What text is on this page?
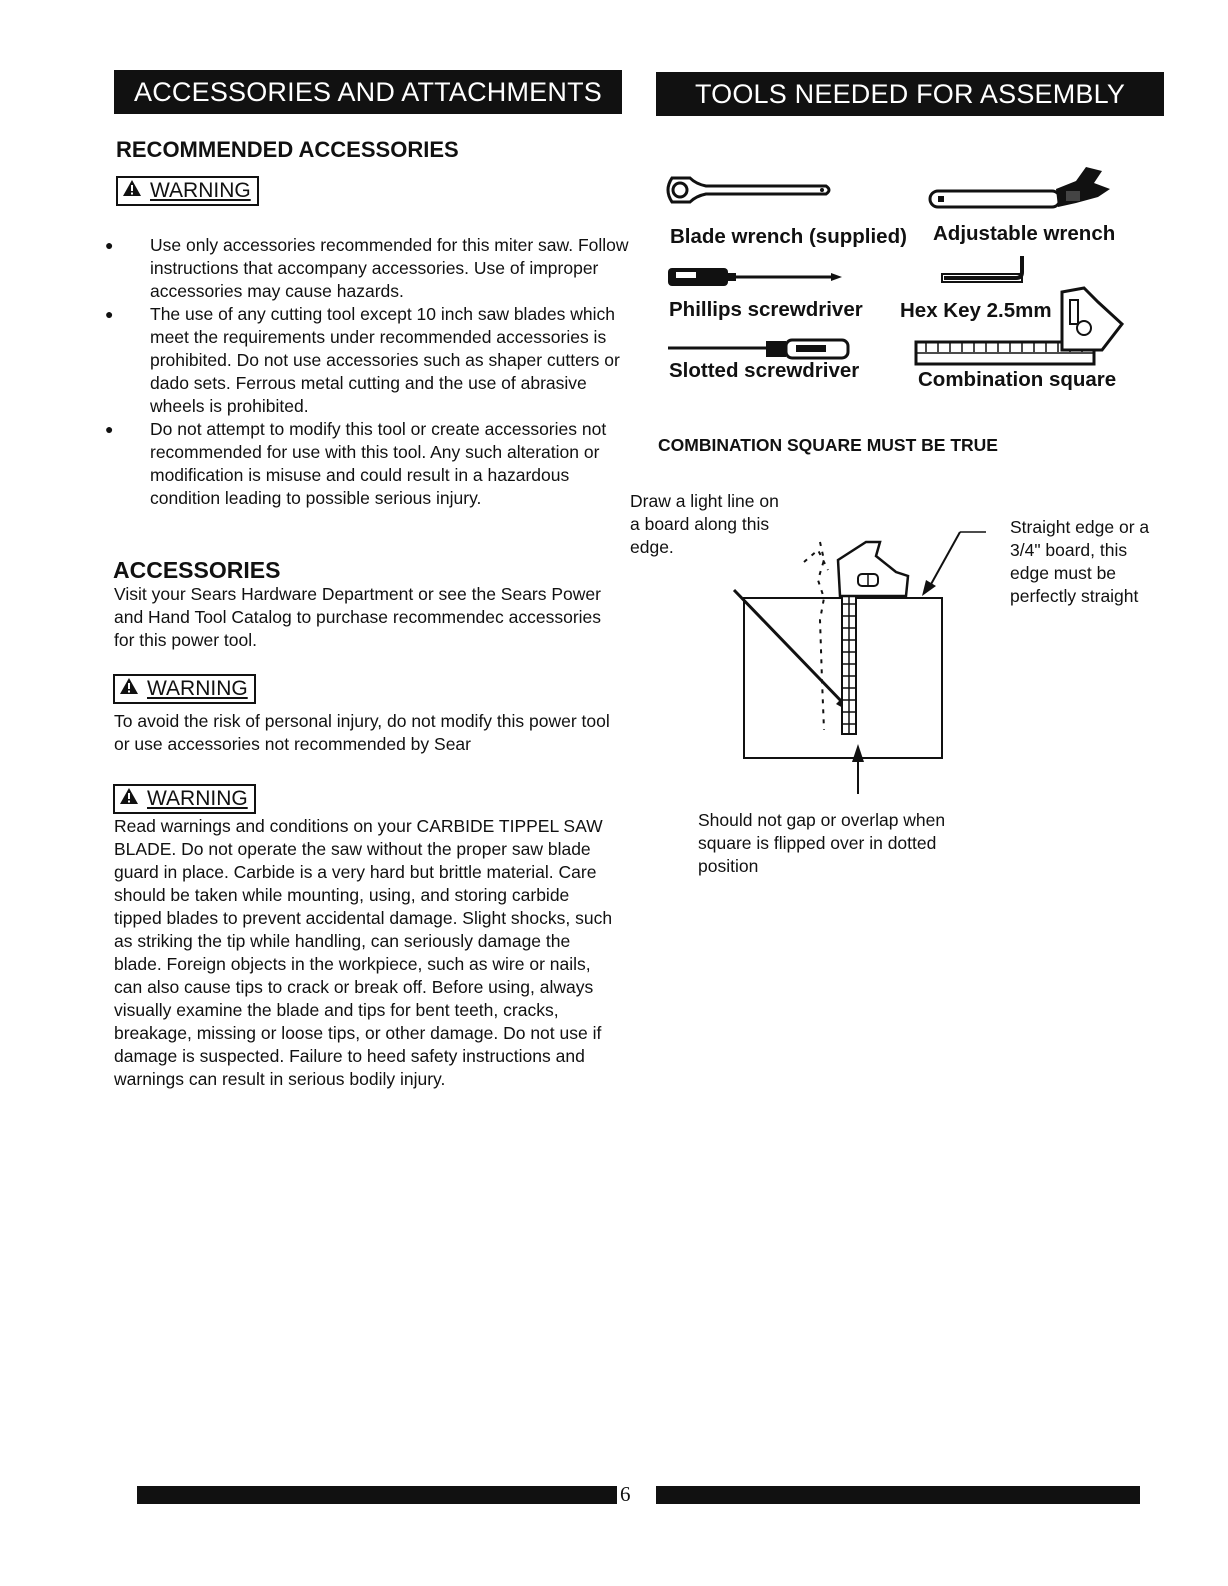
ACCESSORIES AND ATTACHMENTS	TOOLS NEEDED FOR ASSEMBLY
RECOMMENDED ACCESSORIES
WARNING
● Use only accessories recommended for this miter saw. Follow instructions that accompany accessories. Use of improper accessories may cause hazards.
● The use of any cutting tool except 10 inch saw blades which meet the requirements under recommended accessories is prohibited. Do not use accessories such as shaper cutters or dado sets. Ferrous metal cutting and the use of abrasive wheels is prohibited.
● Do not attempt to modify this tool or create accessories not recommended for use with this tool. Any such alteration or modification is misuse and could result in a hazardous condition leading to possible serious injury.
ACCESSORIES
Visit your Sears Hardware Department or see the Sears Power and Hand Tool Catalog to purchase recommendec accessories for this power tool.
WARNING
To avoid the risk of personal injury, do not modify this power tool or use accessories not recommended by Sear
WARNING
Read warnings and conditions on your CARBIDE TIPPEL SAW BLADE. Do not operate the saw without the proper saw blade guard in place. Carbide is a very hard but brittle material. Care should be taken while mounting, using, and storing carbide tipped blades to prevent accidental damage. Slight shocks, such as striking the tip while handling, can seriously damage the blade. Foreign objects in the workpiece, such as wire or nails, can also cause tips to crack or break off. Before using, always visually examine the blade and tips for bent teeth, cracks, breakage, missing or loose tips, or other damage. Do not use if damage is suspected. Failure to heed safety instructions and warnings can result in serious bodily injury.
Blade wrench (supplied) Adjustable wrench
Phillips screwdriver Hex Key 2.5mm
Slotted screwdriver	Combination square
COMBINATION SQUARE MUST BE TRUE
Draw a light line on a board along this edge.
Straight edge or a 3/4" board, this edge must be perfectly straight
Should not gap or overlap when square is flipped over in dotted position
6
